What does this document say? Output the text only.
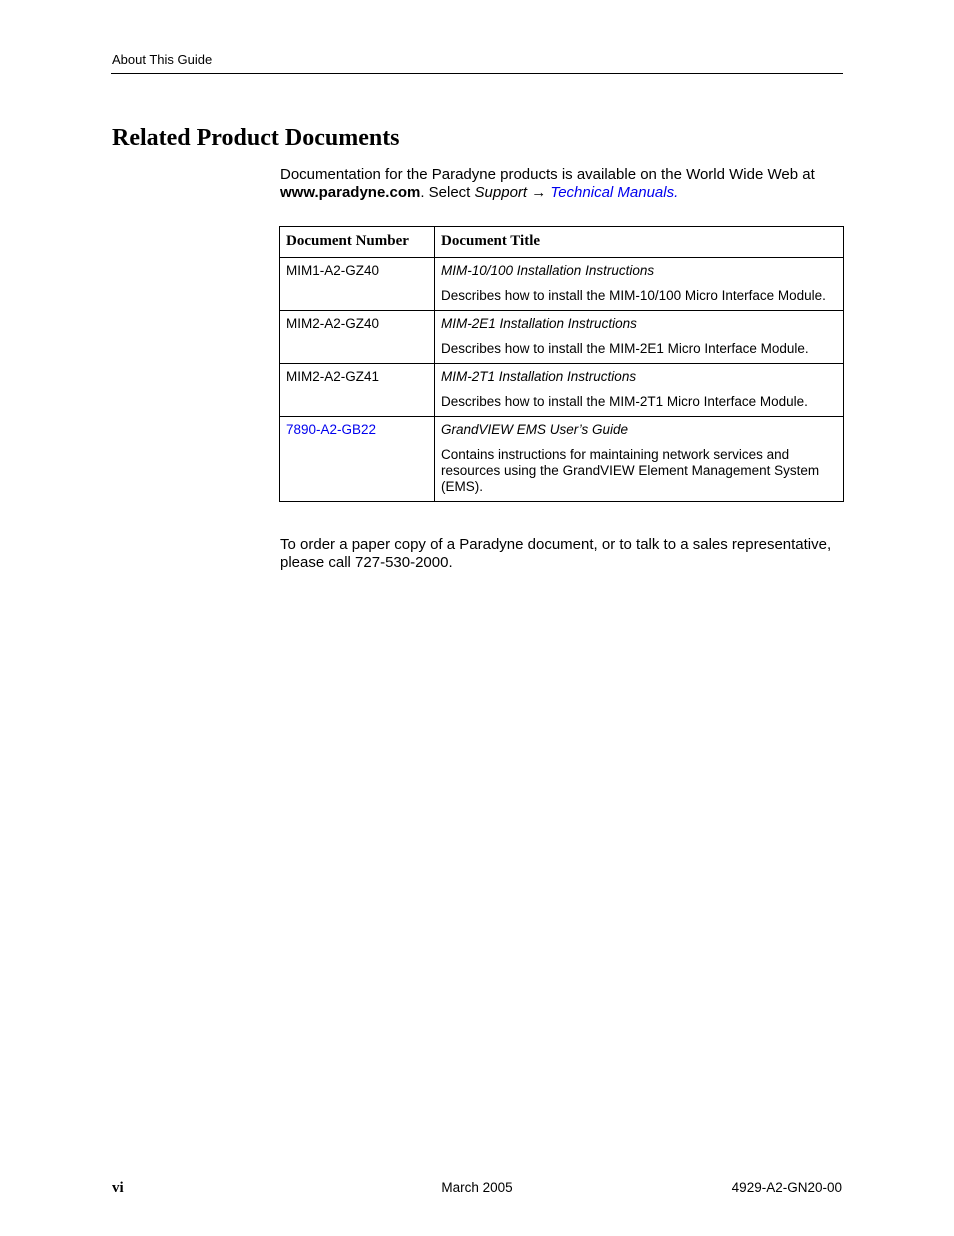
About This Guide
Related Product Documents

Documentation for the Paradyne products is available on the World Wide Web at www.paradyne.com. Select Support → Technical Manuals.

Document Number	Document Title
MIM1-A2-GZ40	MIM-10/100 Installation Instructions

Describes how to install the MIM-10/100 Micro Interface Module.

MIM2-A2-GZ40	MIM-2E1 Installation Instructions

Describes how to install the MIM-2E1 Micro Interface Module.

MIM2-A2-GZ41	MIM-2T1 Installation Instructions

Describes how to install the MIM-2T1 Micro Interface Module.

7890-A2-GB22	GrandVIEW EMS User’s Guide

Contains instructions for maintaining network services and resources using the GrandVIEW Element Management System (EMS).

To order a paper copy of a Paradyne document, or to talk to a sales representative, please call 727-530-2000.

vi	March 2005	4929-A2-GN20-00
